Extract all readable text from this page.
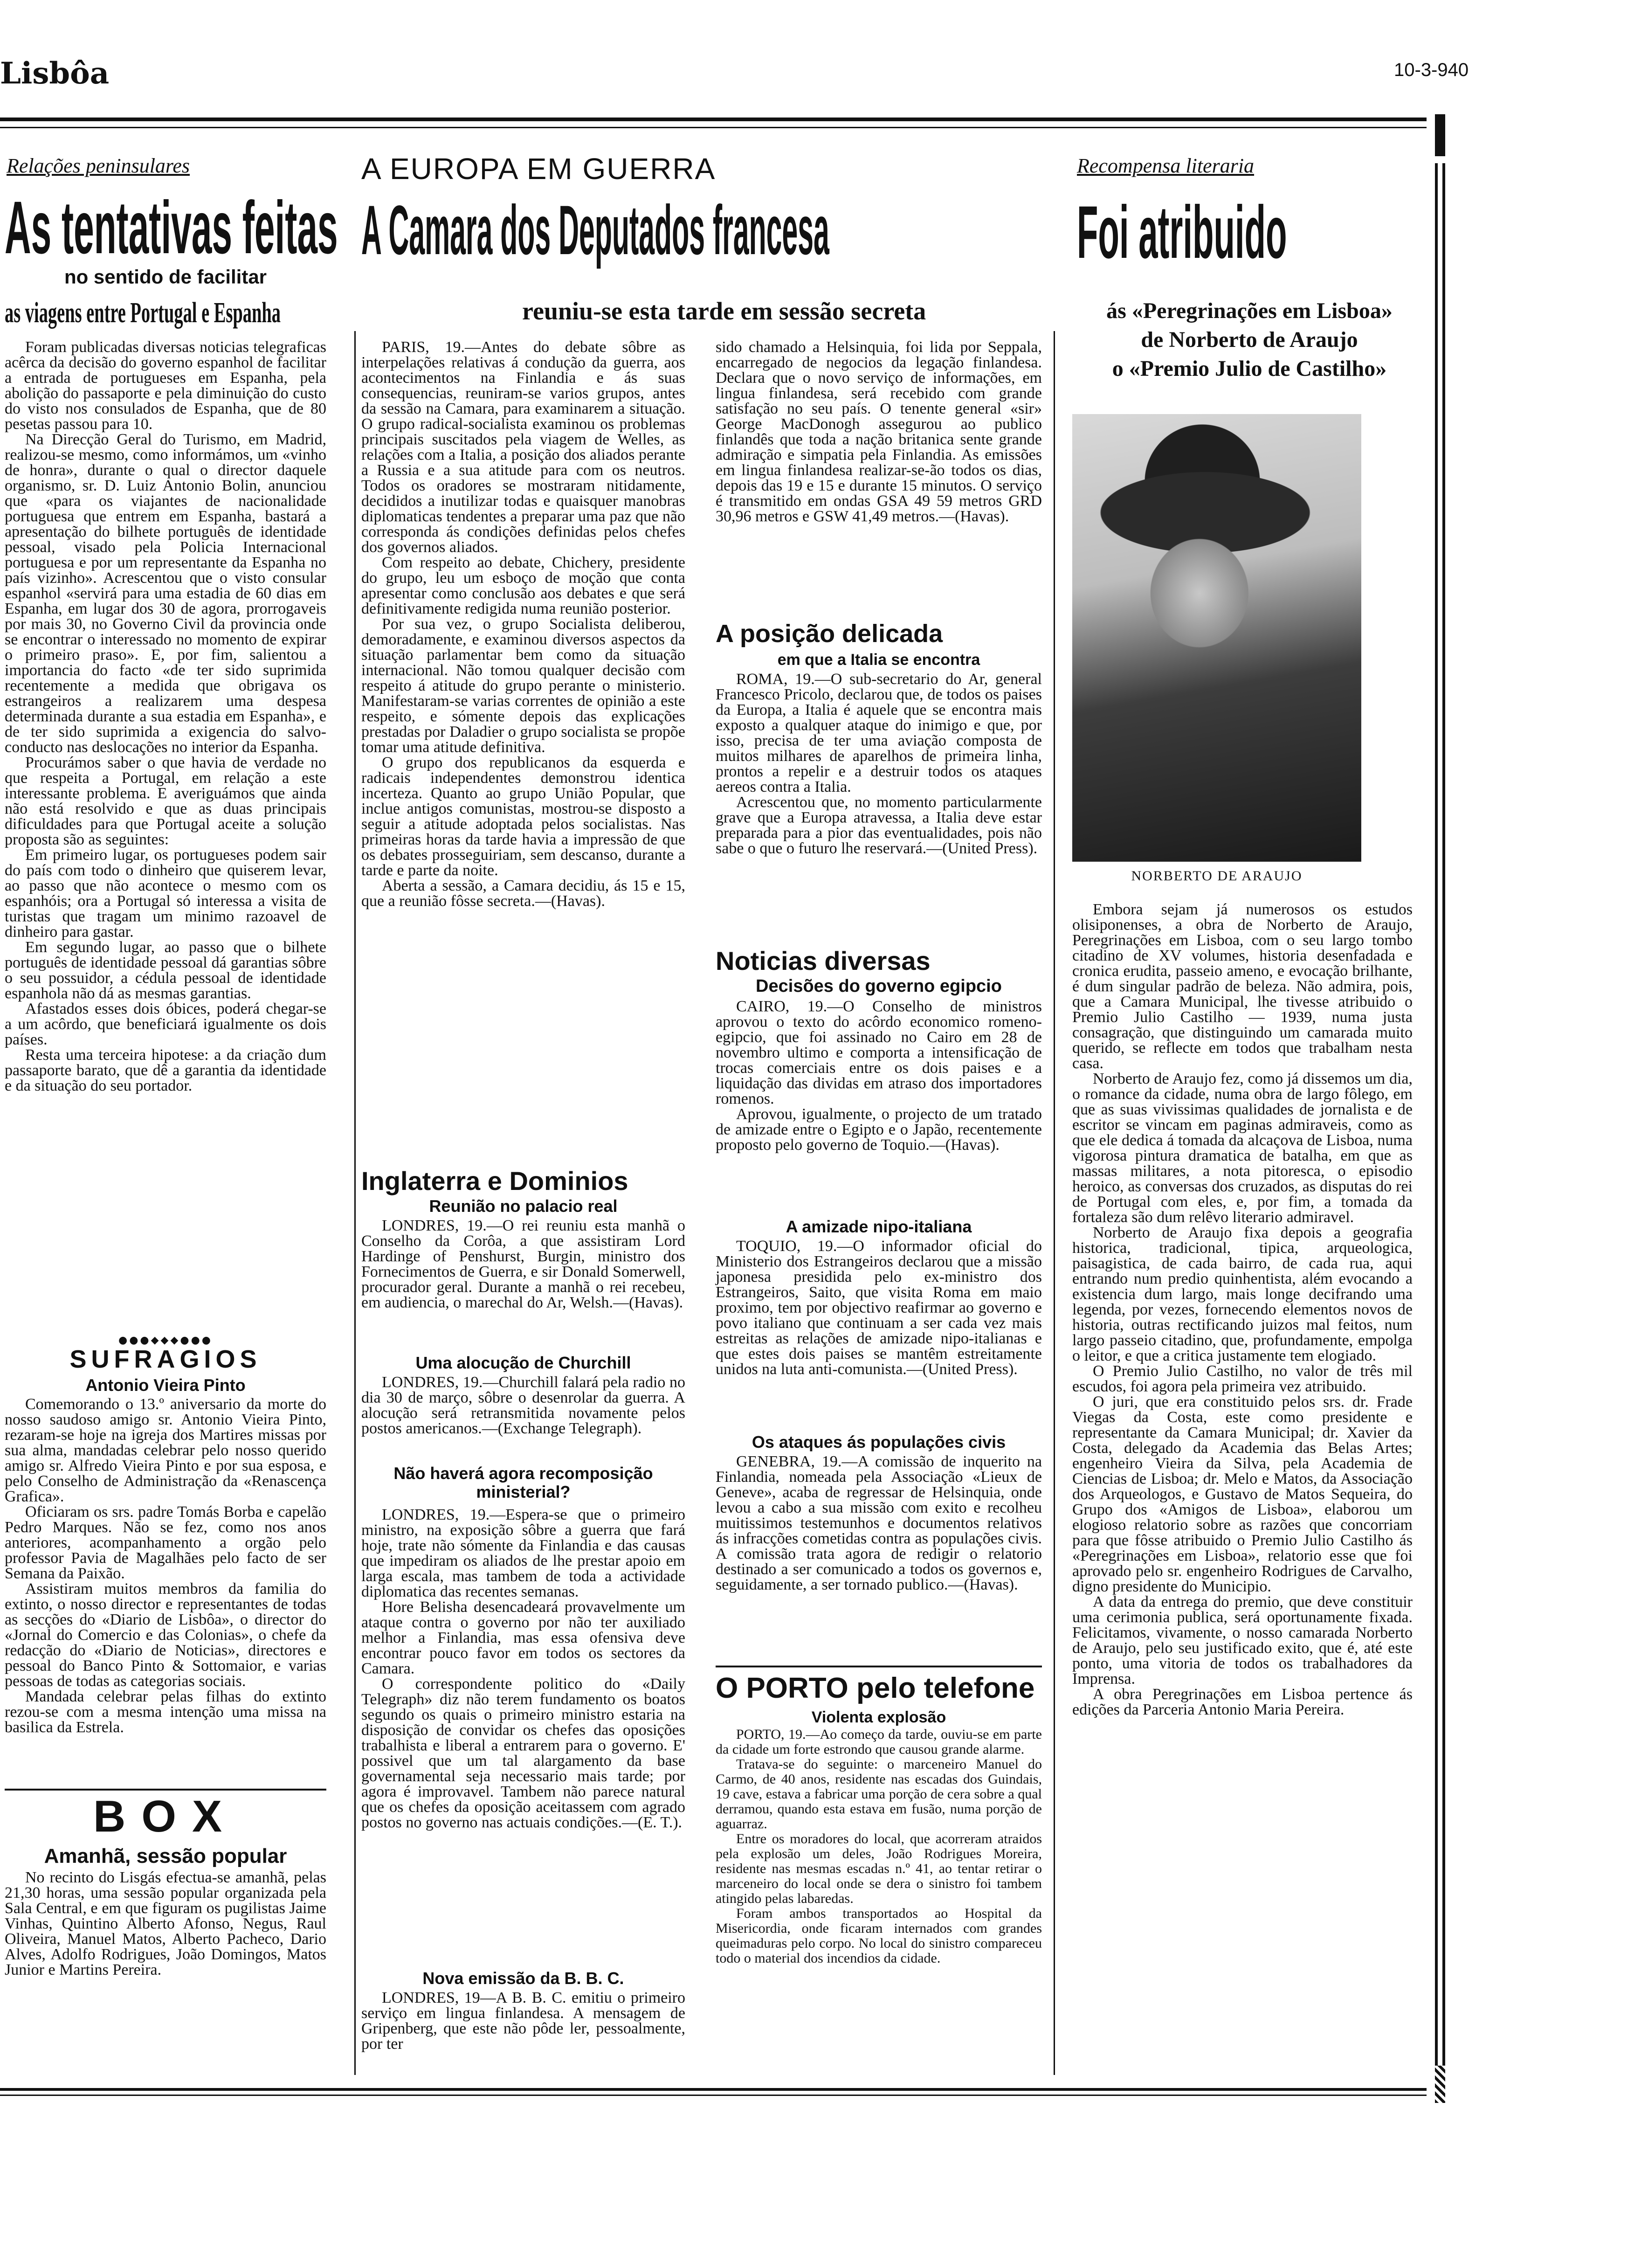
Lisbôa	10-3-940
Relações peninsulares
As tentativas feitas
no sentido de facilitar
as viagens entre Portugal e Espanha

Foram publicadas diversas noticias telegraficas acêrca da decisão do governo espanhol de facilitar a entrada de portugueses em Espanha, pela abolição do passaporte e pela diminuição do custo do visto nos consulados de Espanha, que de 80 pesetas passou para 10.

Na Direcção Geral do Turismo, em Madrid, realizou-se mesmo, como informámos, um «vinho de honra», durante o qual o director daquele organismo, sr. D. Luiz Antonio Bolin, anunciou que «para os viajantes de nacionalidade portuguesa que entrem em Espanha, bastará a apresentação do bilhete português de identidade pessoal, visado pela Policia Internacional portuguesa e por um representante da Espanha no país vizinho». Acrescentou que o visto consular espanhol «servirá para uma estadia de 60 dias em Espanha, em lugar dos 30 de agora, prorrogaveis por mais 30, no Governo Civil da provincia onde se encontrar o interessado no momento de expirar o primeiro praso». E, por fim, salientou a importancia do facto «de ter sido suprimida recentemente a medida que obrigava os estrangeiros a realizarem uma despesa determinada durante a sua estadia em Espanha», e de ter sido suprimida a exigencia do salvo-conducto nas deslocações no interior da Espanha.

Procurámos saber o que havia de verdade no que respeita a Portugal, em relação a este interessante problema. E averiguámos que ainda não está resolvido e que as duas principais dificuldades para que Portugal aceite a solução proposta são as seguintes:

Em primeiro lugar, os portugueses podem sair do país com todo o dinheiro que quiserem levar, ao passo que não acontece o mesmo com os espanhóis; ora a Portugal só interessa a visita de turistas que tragam um minimo razoavel de dinheiro para gastar.

Em segundo lugar, ao passo que o bilhete português de identidade pessoal dá garantias sôbre o seu possuidor, a cédula pessoal de identidade espanhola não dá as mesmas garantias.

Afastados esses dois óbices, poderá chegar-se a um acôrdo, que beneficiará igualmente os dois países.

Resta uma terceira hipotese: a da criação dum passaporte barato, que dê a garantia da identidade e da situação do seu portador.

●●●◆◆◆●●●
SUFRAGIOS
Antonio Vieira Pinto

Comemorando o 13.º aniversario da morte do nosso saudoso amigo sr. Antonio Vieira Pinto, rezaram-se hoje na igreja dos Martires missas por sua alma, mandadas celebrar pelo nosso querido amigo sr. Alfredo Vieira Pinto e por sua esposa, e pelo Conselho de Administração da «Renascença Grafica».

Oficiaram os srs. padre Tomás Borba e capelão Pedro Marques. Não se fez, como nos anos anteriores, acompanhamento a orgão pelo professor Pavia de Magalhães pelo facto de ser Semana da Paixão.

Assistiram muitos membros da familia do extinto, o nosso director e representantes de todas as secções do «Diario de Lisbôa», o director do «Jornal do Comercio e das Colonias», o chefe da redacção do «Diario de Noticias», directores e pessoal do Banco Pinto & Sottomaior, e varias pessoas de todas as categorias sociais.

Mandada celebrar pelas filhas do extinto rezou-se com a mesma intenção uma missa na basilica da Estrela.

BOX
Amanhã, sessão popular

No recinto do Lisgás efectua-se amanhã, pelas 21,30 horas, uma sessão popular organizada pela Sala Central, e em que figuram os pugilistas Jaime Vinhas, Quintino Alberto Afonso, Negus, Raul Oliveira, Manuel Matos, Alberto Pacheco, Dario Alves, Adolfo Rodrigues, João Domingos, Matos Junior e Martins Pereira.

A EUROPA EM GUERRA
A Camara dos Deputados francesa
reuniu-se esta tarde em sessão secreta

PARIS, 19.—Antes do debate sôbre as interpelações relativas á condução da guerra, aos acontecimentos na Finlandia e ás suas consequencias, reuniram-se varios grupos, antes da sessão na Camara, para examinarem a situação. O grupo radical-socialista examinou os problemas principais suscitados pela viagem de Welles, as relações com a Italia, a posição dos aliados perante a Russia e a sua atitude para com os neutros. Todos os oradores se mostraram nitidamente, decididos a inutilizar todas e quaisquer manobras diplomaticas tendentes a preparar uma paz que não corresponda ás condições definidas pelos chefes dos governos aliados.

Com respeito ao debate, Chichery, presidente do grupo, leu um esboço de moção que conta apresentar como conclusão aos debates e que será definitivamente redigida numa reunião posterior.

Por sua vez, o grupo Socialista deliberou, demoradamente, e examinou diversos aspectos da situação parlamentar bem como da situação internacional. Não tomou qualquer decisão com respeito á atitude do grupo perante o ministerio. Manifestaram-se varias correntes de opinião a este respeito, e sómente depois das explicações prestadas por Daladier o grupo socialista se propõe tomar uma atitude definitiva.

O grupo dos republicanos da esquerda e radicais independentes demonstrou identica incerteza. Quanto ao grupo União Popular, que inclue antigos comunistas, mostrou-se disposto a seguir a atitude adoptada pelos socialistas. Nas primeiras horas da tarde havia a impressão de que os debates prosseguiriam, sem descanso, durante a tarde e parte da noite.

Aberta a sessão, a Camara decidiu, ás 15 e 15, que a reunião fôsse secreta.—(Havas).

Inglaterra e Dominios
Reunião no palacio real

LONDRES, 19.—O rei reuniu esta manhã o Conselho da Corôa, a que assistiram Lord Hardinge of Penshurst, Burgin, ministro dos Fornecimentos de Guerra, e sir Donald Somerwell, procurador geral. Durante a manhã o rei recebeu, em audiencia, o marechal do Ar, Welsh.—(Havas).

Uma alocução de Churchill

LONDRES, 19.—Churchill falará pela radio no dia 30 de março, sôbre o desenrolar da guerra. A alocução será retransmitida novamente pelos postos americanos.—(Exchange Telegraph).

Não haverá agora recomposição ministerial?

LONDRES, 19.—Espera-se que o primeiro ministro, na exposição sôbre a guerra que fará hoje, trate não sómente da Finlandia e das causas que impediram os aliados de lhe prestar apoio em larga escala, mas tambem de toda a actividade diplomatica das recentes semanas.

Hore Belisha desencadeará provavelmente um ataque contra o governo por não ter auxiliado melhor a Finlandia, mas essa ofensiva deve encontrar pouco favor em todos os sectores da Camara.

O correspondente politico do «Daily Telegraph» diz não terem fundamento os boatos segundo os quais o primeiro ministro estaria na disposição de convidar os chefes das oposições trabalhista e liberal a entrarem para o governo. E' possivel que um tal alargamento da base governamental seja necessario mais tarde; por agora é improvavel. Tambem não parece natural que os chefes da oposição aceitassem com agrado postos no governo nas actuais condições.—(E. T.).

Nova emissão da B. B. C.

LONDRES, 19—A B. B. C. emitiu o primeiro serviço em lingua finlandesa. A mensagem de Gripenberg, que este não pôde ler, pessoalmente, por ter

sido chamado a Helsinquia, foi lida por Seppala, encarregado de negocios da legação finlandesa. Declara que o novo serviço de informações, em lingua finlandesa, será recebido com grande satisfação no seu país. O tenente general «sir» George MacDonogh assegurou ao publico finlandês que toda a nação britanica sente grande admiração e simpatia pela Finlandia. As emissões em lingua finlandesa realizar-se-ão todos os dias, depois das 19 e 15 e durante 15 minutos. O serviço é transmitido em ondas GSA 49 59 metros GRD 30,96 metros e GSW 41,49 metros.—(Havas).

A posição delicada
em que a Italia se encontra

ROMA, 19.—O sub-secretario do Ar, general Francesco Pricolo, declarou que, de todos os paises da Europa, a Italia é aquele que se encontra mais exposto a qualquer ataque do inimigo e que, por isso, precisa de ter uma aviação composta de muitos milhares de aparelhos de primeira linha, prontos a repelir e a destruir todos os ataques aereos contra a Italia.

Acrescentou que, no momento particularmente grave que a Europa atravessa, a Italia deve estar preparada para a pior das eventualidades, pois não sabe o que o futuro lhe reservará.—(United Press).

Noticias diversas
Decisões do governo egipcio

CAIRO, 19.—O Conselho de ministros aprovou o texto do acôrdo economico romeno-egipcio, que foi assinado no Cairo em 28 de novembro ultimo e comporta a intensificação de trocas comerciais entre os dois paises e a liquidação das dividas em atraso dos importadores romenos.

Aprovou, igualmente, o projecto de um tratado de amizade entre o Egipto e o Japão, recentemente proposto pelo governo de Toquio.—(Havas).

A amizade nipo-italiana

TOQUIO, 19.—O informador oficial do Ministerio dos Estrangeiros declarou que a missão japonesa presidida pelo ex-ministro dos Estrangeiros, Saito, que visita Roma em maio proximo, tem por objectivo reafirmar ao governo e povo italiano que continuam a ser cada vez mais estreitas as relações de amizade nipo-italianas e que estes dois paises se mantêm estreitamente unidos na luta anti-comunista.—(United Press).

Os ataques ás populações civis

GENEBRA, 19.—A comissão de inquerito na Finlandia, nomeada pela Associação «Lieux de Geneve», acaba de regressar de Helsinquia, onde levou a cabo a sua missão com exito e recolheu muitissimos testemunhos e documentos relativos ás infracções cometidas contra as populações civis. A comissão trata agora de redigir o relatorio destinado a ser comunicado a todos os governos e, seguidamente, a ser tornado publico.—(Havas).

O PORTO pelo telefone
Violenta explosão

PORTO, 19.—Ao começo da tarde, ouviu-se em parte da cidade um forte estrondo que causou grande alarme.

Tratava-se do seguinte: o marceneiro Manuel do Carmo, de 40 anos, residente nas escadas dos Guindais, 19 cave, estava a fabricar uma porção de cera sobre a qual derramou, quando esta estava em fusão, numa porção de aguarraz.

Entre os moradores do local, que acorreram atraidos pela explosão um deles, João Rodrigues Moreira, residente nas mesmas escadas n.º 41, ao tentar retirar o marceneiro do local onde se dera o sinistro foi tambem atingido pelas labaredas.

Foram ambos transportados ao Hospital da Misericordia, onde ficaram internados com grandes queimaduras pelo corpo. No local do sinistro compareceu todo o material dos incendios da cidade.

Recompensa literaria
Foi atribuido
ás «Peregrinações em Lisboa»
de Norberto de Araujo
o «Premio Julio de Castilho»
NORBERTO DE ARAUJO

Embora sejam já numerosos os estudos olisiponenses, a obra de Norberto de Araujo, Peregrinações em Lisboa, com o seu largo tombo citadino de XV volumes, historia desenfadada e cronica erudita, passeio ameno, e evocação brilhante, é dum singular padrão de beleza. Não admira, pois, que a Camara Municipal, lhe tivesse atribuido o Premio Julio Castilho — 1939, numa justa consagração, que distinguindo um camarada muito querido, se reflecte em todos que trabalham nesta casa.

Norberto de Araujo fez, como já dissemos um dia, o romance da cidade, numa obra de largo fôlego, em que as suas vivissimas qualidades de jornalista e de escritor se vincam em paginas admiraveis, como as que ele dedica á tomada da alcaçova de Lisboa, numa vigorosa pintura dramatica de batalha, em que as massas militares, a nota pitoresca, o episodio heroico, as conversas dos cruzados, as disputas do rei de Portugal com eles, e, por fim, a tomada da fortaleza são dum relêvo literario admiravel.

Norberto de Araujo fixa depois a geografia historica, tradicional, tipica, arqueologica, paisagistica, de cada bairro, de cada rua, aqui entrando num predio quinhentista, além evocando a existencia dum largo, mais longe decifrando uma legenda, por vezes, fornecendo elementos novos de historia, outras rectificando juizos mal feitos, num largo passeio citadino, que, profundamente, empolga o leitor, e que a critica justamente tem elogiado.

O Premio Julio Castilho, no valor de três mil escudos, foi agora pela primeira vez atribuido.

O juri, que era constituido pelos srs. dr. Frade Viegas da Costa, este como presidente e representante da Camara Municipal; dr. Xavier da Costa, delegado da Academia das Belas Artes; engenheiro Vieira da Silva, pela Academia de Ciencias de Lisboa; dr. Melo e Matos, da Associação dos Arqueologos, e Gustavo de Matos Sequeira, do Grupo dos «Amigos de Lisboa», elaborou um elogioso relatorio sobre as razões que concorriam para que fôsse atribuido o Premio Julio Castilho ás «Peregrinações em Lisboa», relatorio esse que foi aprovado pelo sr. engenheiro Rodrigues de Carvalho, digno presidente do Municipio.

A data da entrega do premio, que deve constituir uma cerimonia publica, será oportunamente fixada. Felicitamos, vivamente, o nosso camarada Norberto de Araujo, pelo seu justificado exito, que é, até este ponto, uma vitoria de todos os trabalhadores da Imprensa.

A obra Peregrinações em Lisboa pertence ás edições da Parceria Antonio Maria Pereira.
